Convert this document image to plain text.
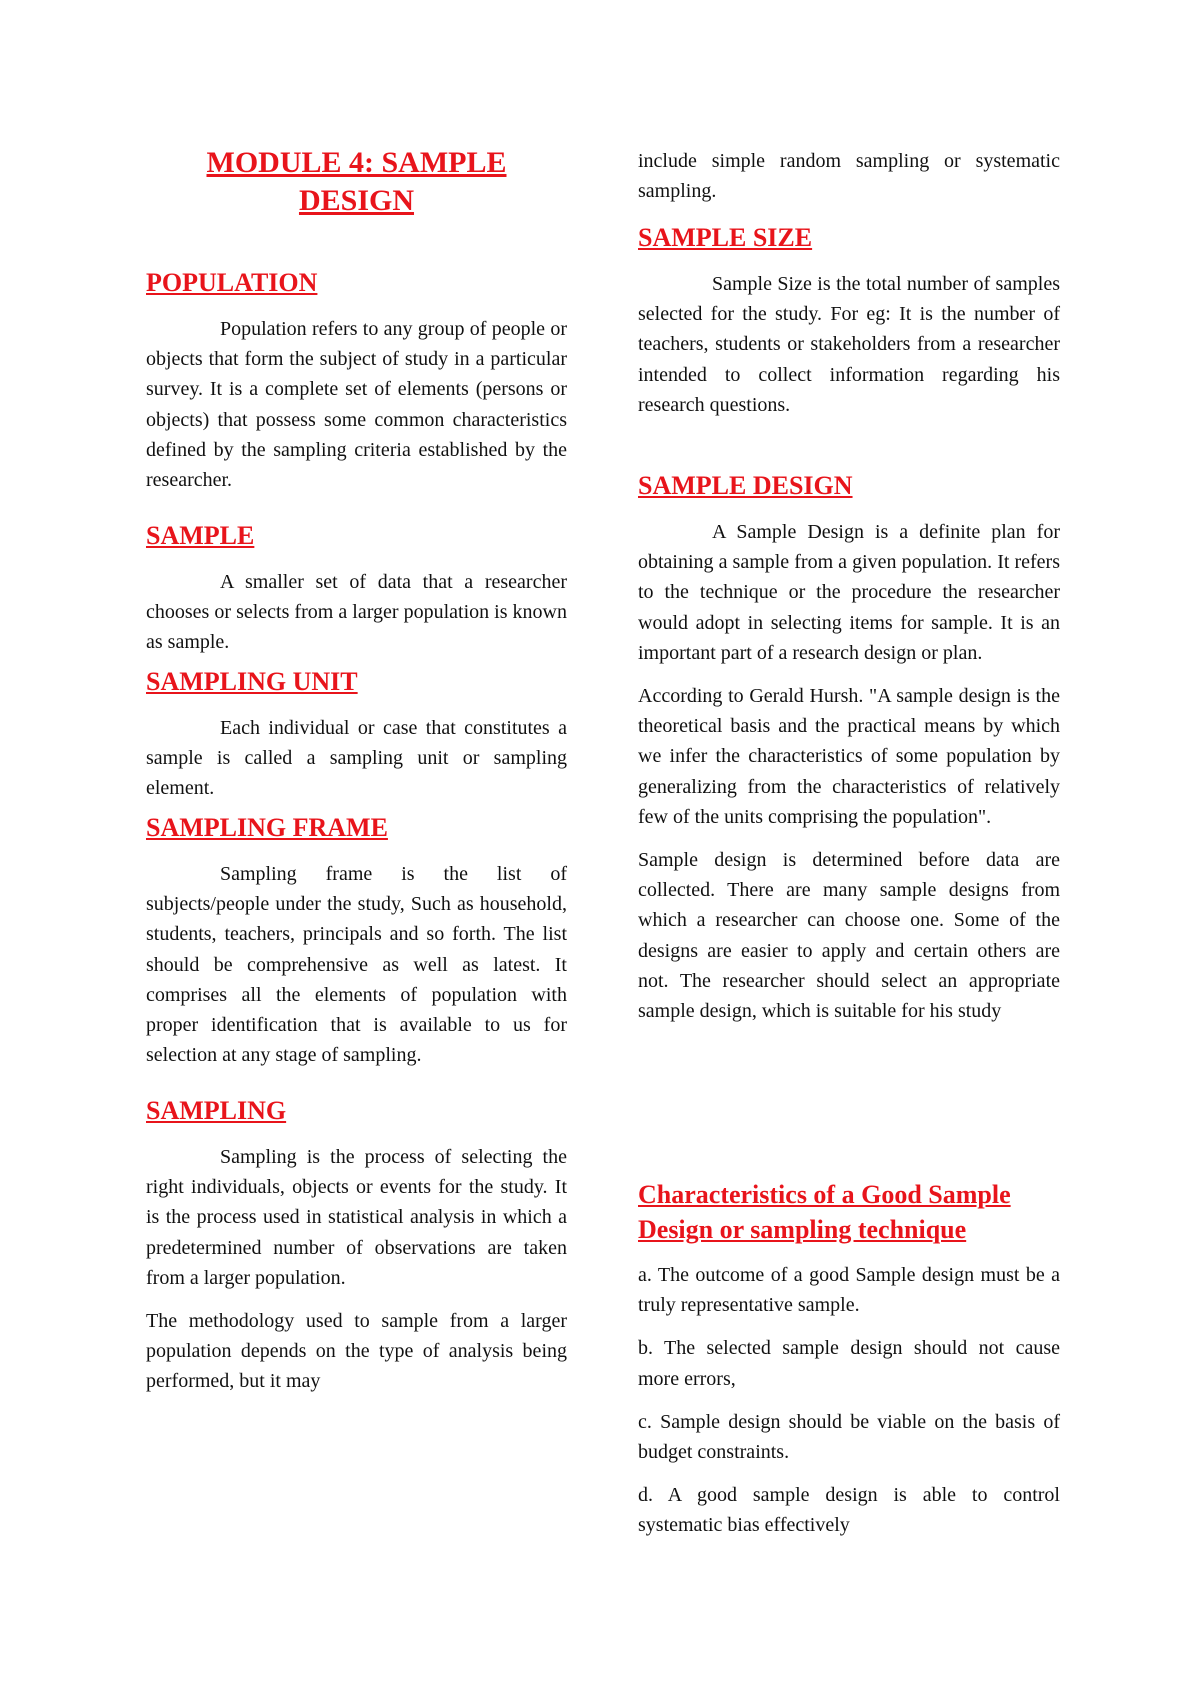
MODULE 4: SAMPLE DESIGN
POPULATION

Population refers to any group of people or objects that form the subject of study in a particular survey. It is a complete set of elements (persons or objects) that possess some common characteristics defined by the sampling criteria established by the researcher.

SAMPLE

A smaller set of data that a researcher chooses or selects from a larger population is known as sample.

SAMPLING UNIT

Each individual or case that constitutes a sample is called a sampling unit or sampling element.

SAMPLING FRAME

Sampling frame is the list of subjects/people under the study, Such as household, students, teachers, principals and so forth. The list should be comprehensive as well as latest. It comprises all the elements of population with proper identification that is available to us for selection at any stage of sampling.

SAMPLING

Sampling is the process of selecting the right individuals, objects or events for the study. It is the process used in statistical analysis in which a predetermined number of observations are taken from a larger population.

The methodology used to sample from a larger population depends on the type of analysis being performed, but it may

include simple random sampling or systematic sampling.

SAMPLE SIZE

Sample Size is the total number of samples selected for the study. For eg: It is the number of teachers, students or stakeholders from a researcher intended to collect information regarding his research questions.

SAMPLE DESIGN

A Sample Design is a definite plan for obtaining a sample from a given population. It refers to the technique or the procedure the researcher would adopt in selecting items for sample. It is an important part of a research design or plan.

According to Gerald Hursh. "A sample design is the theoretical basis and the practical means by which we infer the characteristics of some population by generalizing from the characteristics of relatively few of the units comprising the population".

Sample design is determined before data are collected. There are many sample designs from which a researcher can choose one. Some of the designs are easier to apply and certain others are not. The researcher should select an appropriate sample design, which is suitable for his study

Characteristics of a Good Sample Design or sampling technique

a. The outcome of a good Sample design must be a truly representative sample.

b. The selected sample design should not cause more errors,

c. Sample design should be viable on the basis of budget constraints.

d. A good sample design is able to control systematic bias effectively
